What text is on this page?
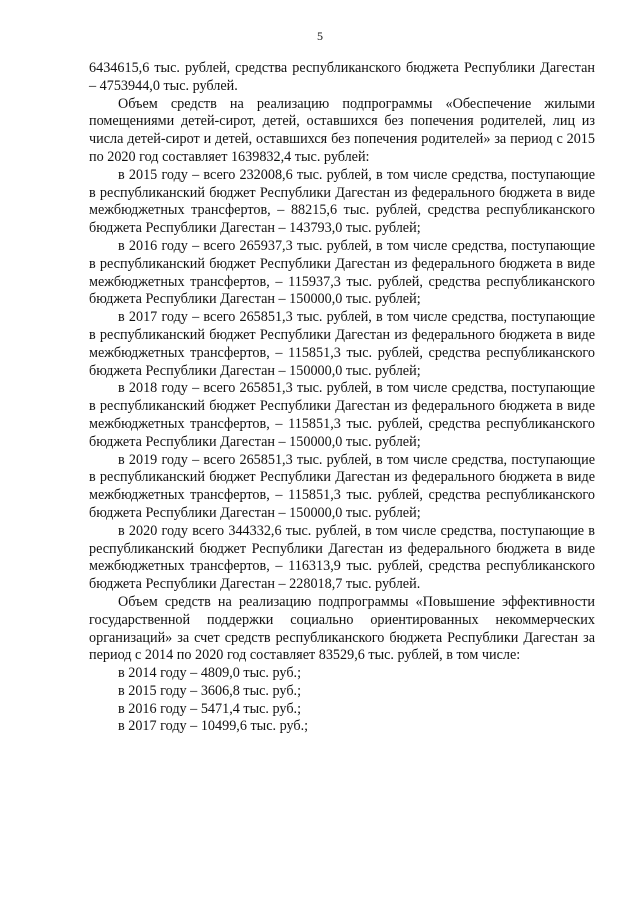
5

6434615,6 тыс. рублей, средства республиканского бюджета Республики Дагестан – 4753944,0 тыс. рублей.

Объем средств на реализацию подпрограммы «Обеспечение жилыми помещениями детей-сирот, детей, оставшихся без попечения родителей, лиц из числа детей-сирот и детей, оставшихся без попечения родителей» за период с 2015 по 2020 год составляет 1639832,4 тыс. рублей:

в 2015 году – всего 232008,6 тыс. рублей, в том числе средства, поступающие в республиканский бюджет Республики Дагестан из федерального бюджета в виде межбюджетных трансфертов, – 88215,6 тыс. рублей, средства республиканского бюджета Республики Дагестан – 143793,0 тыс. рублей;

в 2016 году – всего 265937,3 тыс. рублей, в том числе средства, поступающие в республиканский бюджет Республики Дагестан из федерального бюджета в виде межбюджетных трансфертов, – 115937,3 тыс. рублей, средства республиканского бюджета Республики Дагестан – 150000,0 тыс. рублей;

в 2017 году – всего 265851,3 тыс. рублей, в том числе средства, поступающие в республиканский бюджет Республики Дагестан из федерального бюджета в виде межбюджетных трансфертов, – 115851,3 тыс. рублей, средства республиканского бюджета Республики Дагестан – 150000,0 тыс. рублей;

в 2018 году – всего 265851,3 тыс. рублей, в том числе средства, поступающие в республиканский бюджет Республики Дагестан из федерального бюджета в виде межбюджетных трансфертов, – 115851,3 тыс. рублей, средства республиканского бюджета Республики Дагестан – 150000,0 тыс. рублей;

в 2019 году – всего 265851,3 тыс. рублей, в том числе средства, поступающие в республиканский бюджет Республики Дагестан из федерального бюджета в виде межбюджетных трансфертов, – 115851,3 тыс. рублей, средства республиканского бюджета Республики Дагестан – 150000,0 тыс. рублей;

в 2020 году всего 344332,6 тыс. рублей, в том числе средства, поступающие в республиканский бюджет Республики Дагестан из федерального бюджета в виде межбюджетных трансфертов, – 116313,9 тыс. рублей, средства республиканского бюджета Республики Дагестан – 228018,7 тыс. рублей.

Объем средств на реализацию подпрограммы «Повышение эффективности государственной поддержки социально ориентированных некоммерческих организаций» за счет средств республиканского бюджета Республики Дагестан за период с 2014 по 2020 год составляет 83529,6 тыс. рублей, в том числе:

в 2014 году – 4809,0 тыс. руб.;
в 2015 году – 3606,8 тыс. руб.;
в 2016 году – 5471,4 тыс. руб.;
в 2017 году – 10499,6 тыс. руб.;
